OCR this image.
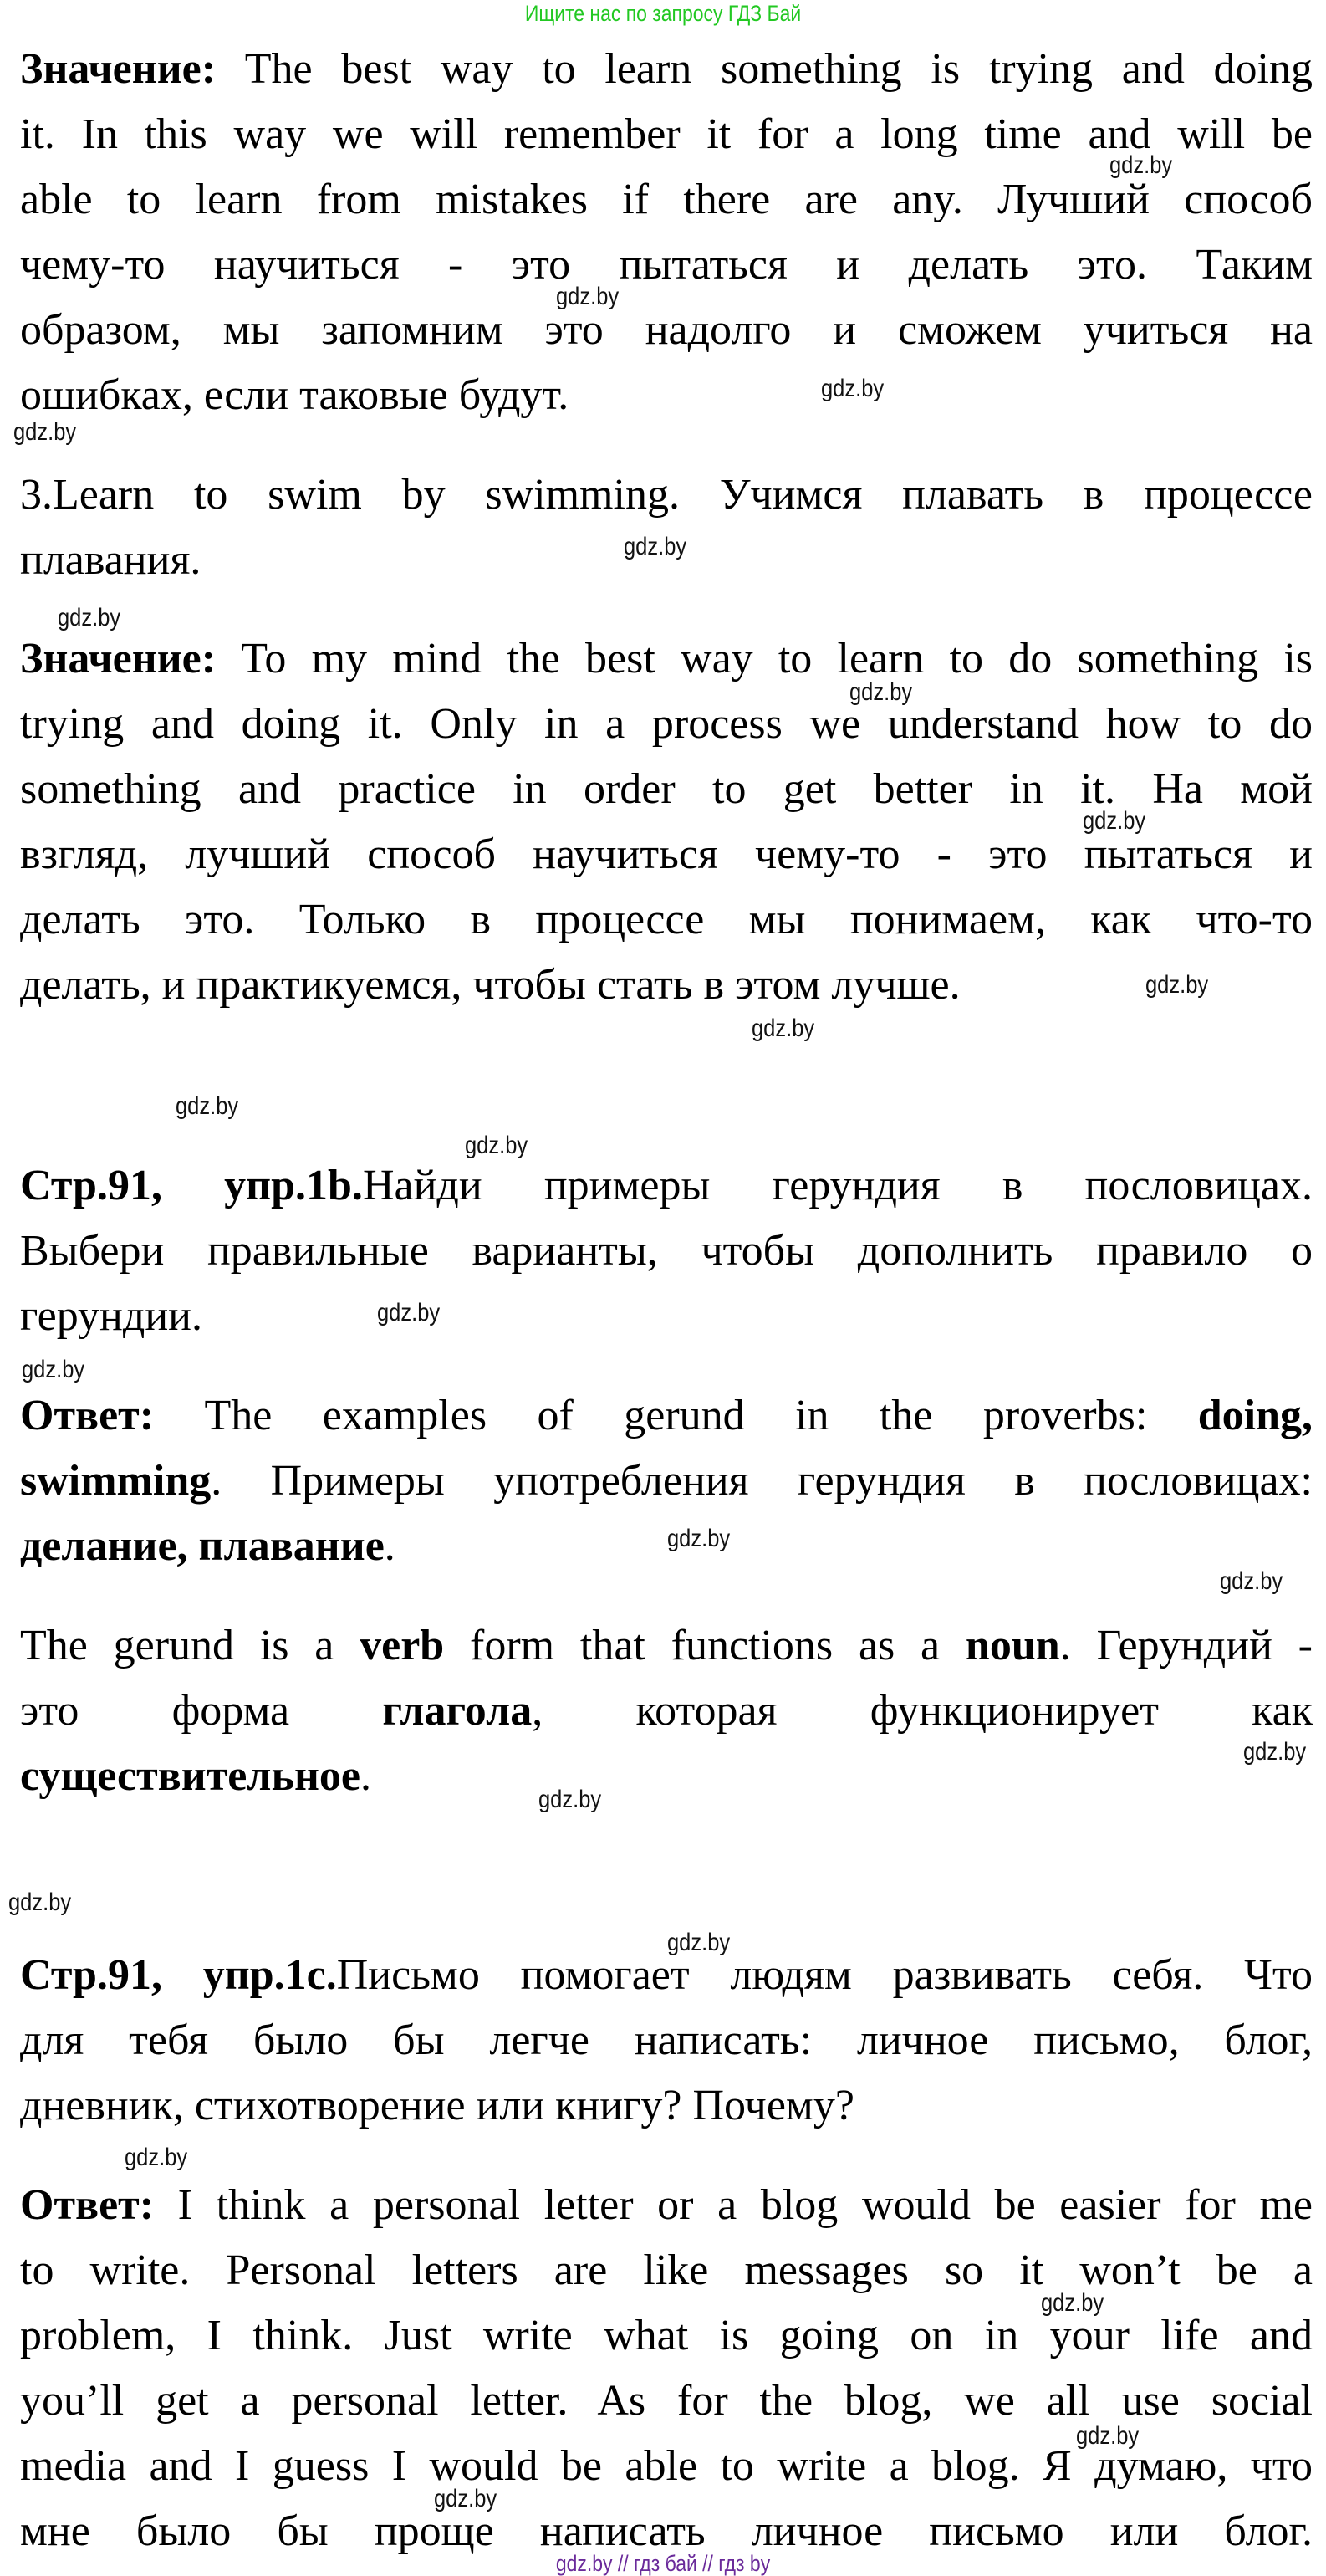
Ищите нас по запросу ГДЗ Бай
Значение: The best way to learn something is trying and doing
it. In this way we will remember it for a long time and will be
able to learn from mistakes if there are any. Лучший способ
чему-то научиться - это пытаться и делать это. Таким
образом, мы запомним это надолго и сможем учиться на
ошибках, если таковые будут.
3.Learn to swim by swimming. Учимся плавать в процессе
плавания.
Значение: To my mind the best way to learn to do something is
trying and doing it. Only in a process we understand how to do
something and practice in order to get better in it. На мой
взгляд, лучший способ научиться чему-то - это пытаться и
делать это. Только в процессе мы понимаем, как что-то
делать, и практикуемся, чтобы стать в этом лучше.
Стр.91, упр.1b.Найди примеры герундия в пословицах.
Выбери правильные варианты, чтобы дополнить правило о
герундии.
Ответ: The examples of gerund in the proverbs: doing,
swimming. Примеры употребления герундия в пословицах:
делание, плавание.
The gerund is a verb form that functions as a noun. Герундий -
это форма глагола, которая функционирует как
существительное.
Стр.91, упр.1c.Письмо помогает людям развивать себя. Что
для тебя было бы легче написать: личное письмо, блог,
дневник, стихотворение или книгу? Почему?
Ответ: I think a personal letter or a blog would be easier for me
to write. Personal letters are like messages so it won’t be a
problem, I think. Just write what is going on in your life and
you’ll get a personal letter. As for the blog, we all use social
media and I guess I would be able to write a blog. Я думаю, что
мне было бы проще написать личное письмо или блог.
gdz.by // гдз бай // гдз by
gdz.by
gdz.by
gdz.by
gdz.by
gdz.by
gdz.by
gdz.by
gdz.by
gdz.by
gdz.by
gdz.by
gdz.by
gdz.by
gdz.by
gdz.by
gdz.by
gdz.by
gdz.by
gdz.by
gdz.by
gdz.by
gdz.by
gdz.by
gdz.by
